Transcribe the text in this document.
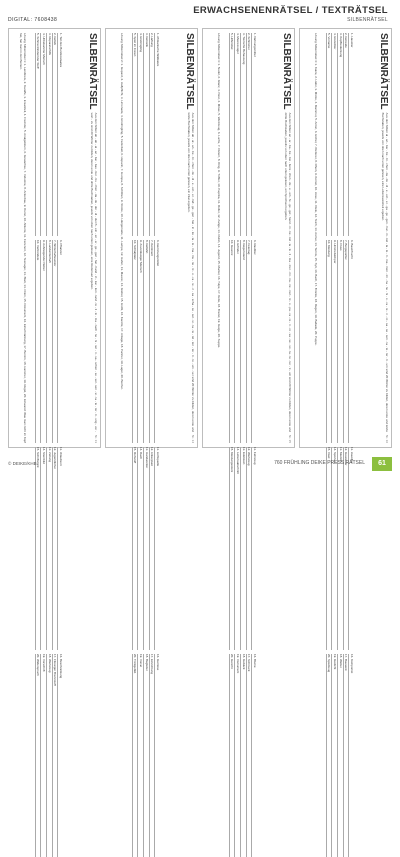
ERWACHSENENRÄTSEL / TEXTRÄTSEL
DIGITAL: 7608438	SILBENRÄTSEL
SILBENRÄTSEL
Aus den Silben ab - ab - al - an - bar - bau - ber - bu - chen - da - de - der - di - durch - ein - en - er - ge - gen - hal - hand - in - kar - ken - land - le - li - lo - ma - nach - ne - ni - ren - ri - sa - schen - se - sel - sen - si - ta - te - ter - ti - ung - ver - wort - zu sind 20 Wörter zu bilden, deren erste und dritte Buchstaben, jeweils von oben nach unten gelesen, eine Redensart ergeben.
Nr. 13
1. Teil des Bundesstaates
2. Gefäß
3. Reparaturhilfe
4. Unbekannter Mensch
5. Schmerzlindernder Stoff
6. Pflanzen
7. Wirtschaftssektor
8. Landwirtschaft
9. Aufsteigender Nebel
10. Verbündete
11. Urlaubsort
12. Jugendlicher
13. Zeitung
14. Sternbild
15. Schriftstück
16. Beschränkung
17. Flüssiger Brennstoff
18. Werkzeug
19. Vorschrift
20. Widerspruch
Lösung Silbenrätsel 1: 1. Landkreis, 2. Karaffe, 3. Ersatzteil, 4. Fremder, 5. Analgetikum, 6. Gewächse, 7. Industrie, 8. Ackerbau, 9. Dunst, 10. Alliierte, 11. Ferienort, 12. Teenager, 13. Blatt, 14. Orion, 15. Dokument, 16. Einschränkung, 17. Benzin, 18. Hammer, 19. Regel, 20. Einwand: Was man nicht im Kopf hat, hat man in den Beinen.	SILBENRÄTSEL
Aus den Silben ab - al - an - be - bi - chen - de - di - e - ein - er - fall - ge - gen - hal - in - ke - la - le - ma - mu - ne - ni - o - ra - re - ri - sa - scha - se - sel - si - ta - te - tel - ten - ter - ti - to - um - ver sind 20 Wörter zu bilden, deren erste und letzte Buchstaben, jeweils von oben nach unten gelesen, ein Zitat ergeben.
Nr. 14
1. Afrikanische Wildkatze
2. Haftung
3. Getränk
4. Eindringling
5. Spiel im Freien
6. Gerinnungsmittel
7. Kontinent
8. Gefährt
9. Zuverlässiger Mensch
10. Schlafplatz
11. Lichtquelle
12. Ankerplatz
13. Handwerker
14. Dach
15. Rohstoff
16. Gemüse
17. Einrichtung
18. Begleiter
19. Vorrat
20. Trinkgefäß
Lösung Silbenrätsel 2: 1. Gepard, 2. Haftpflicht, 3. Limonade, 4. Eindringling, 5. Federball, 6. Heparin, 7. Europa, 8. Schlitten, 9. Stütze, 10. Hängematte, 11. Lampe, 12. Hafen, 13. Maurer, 14. Giebel, 15. Erdöl, 16. Karotte, 17. Anlage, 18. Partner, 19. Lager, 20. Becher.	SILBENRÄTSEL
Aus den Silben an - ar - ba - be - bei - bens - chen - de - e - ein - fe - ge - gel - hand - in - ke - kel - la - le - li - ma - mer - mi - na - ne - nen - ni - o - pa - ra - re - ri - ro - sa - se - so - ta - te - ter - ti - um sind 20 Wörter zu bilden, deren erste und dritte Buchstaben, jeweils von oben nach unten gelesen, ein Sprichwort ergeben.
Nr. 15
1. Nahrungsmittel
2. Schimmer
3. Tierische Behausung
4. Meeresvogel
5. Hilfsmittel
6. Raubtier
7. Feiertag
8. Gegenstand
9. Erfinder
10. Gewürz
11. Fahrzeug
12. Werkzeug
13. Edelstein
14. Lebensabschnitt
15. Kleidungsstück
16. Blume
17. Schmuck
18. Gebäck
19. Instrument
20. Gericht
Lösung Silbenrätsel 3: 1. Nudel, 2. Glanz, 3. Nest, 4. Möwe, 5. Werkzeug, 6. Luchs, 7. Ostern, 8. Ding, 9. Tüftler, 10. Paprika, 11. Roller, 12. Zange, 13. Rubin, 14. Jugend, 15. Mantel, 16. Tulpe, 17. Kette, 18. Brezel, 19. Geige, 20. Suppe.	SILBENRÄTSEL
Aus den Silben al - an - bar - be - bi - chen - da - de - di - e - ein - er - ga - ge - gen - hal - in - kel - la - le - li - ma - men - mi - na - ne - ni - o - ra - re - ri - ro - sa - se - sen - ta - te - ter - ti - um sind 20 Wörter zu bilden, deren erste und letzte Buchstaben, jeweils von oben nach unten gelesen, eine Lebensweisheit ergeben.
Nr. 16
1. Haustier
2. Getreide
3. Kopfbedeckung
4. Eiszeittier
5. Vorname
6. Baumfrucht
7. Bergsportler
8. Fluss
9. Himmelskörper
10. Kleidung
11. Hausflur
12. Gewässer
13. Medizin
14. Sportart
15. Insel
16. Komponist
17. Bauwerk
18. Wetter
19. Gedicht
20. Spielzeug
Lösung Silbenrätsel 4: 1. Katze, 2. Hafer, 3. Mütze, 4. Mammut, 5. Anton, 6. Eichel, 7. Kletterer, 8. Rhein, 9. Komet, 10. Hose, 11. Diele, 12. Teich, 13. Arznei, 14. Tennis, 15. Sylt, 16. Bach, 17. Brücke, 18. Regen, 19. Ballade, 20. Puppe.
© DEIKE/KHB	760 FRÜHLING DEIKE PRESS RÄTSEL	61
